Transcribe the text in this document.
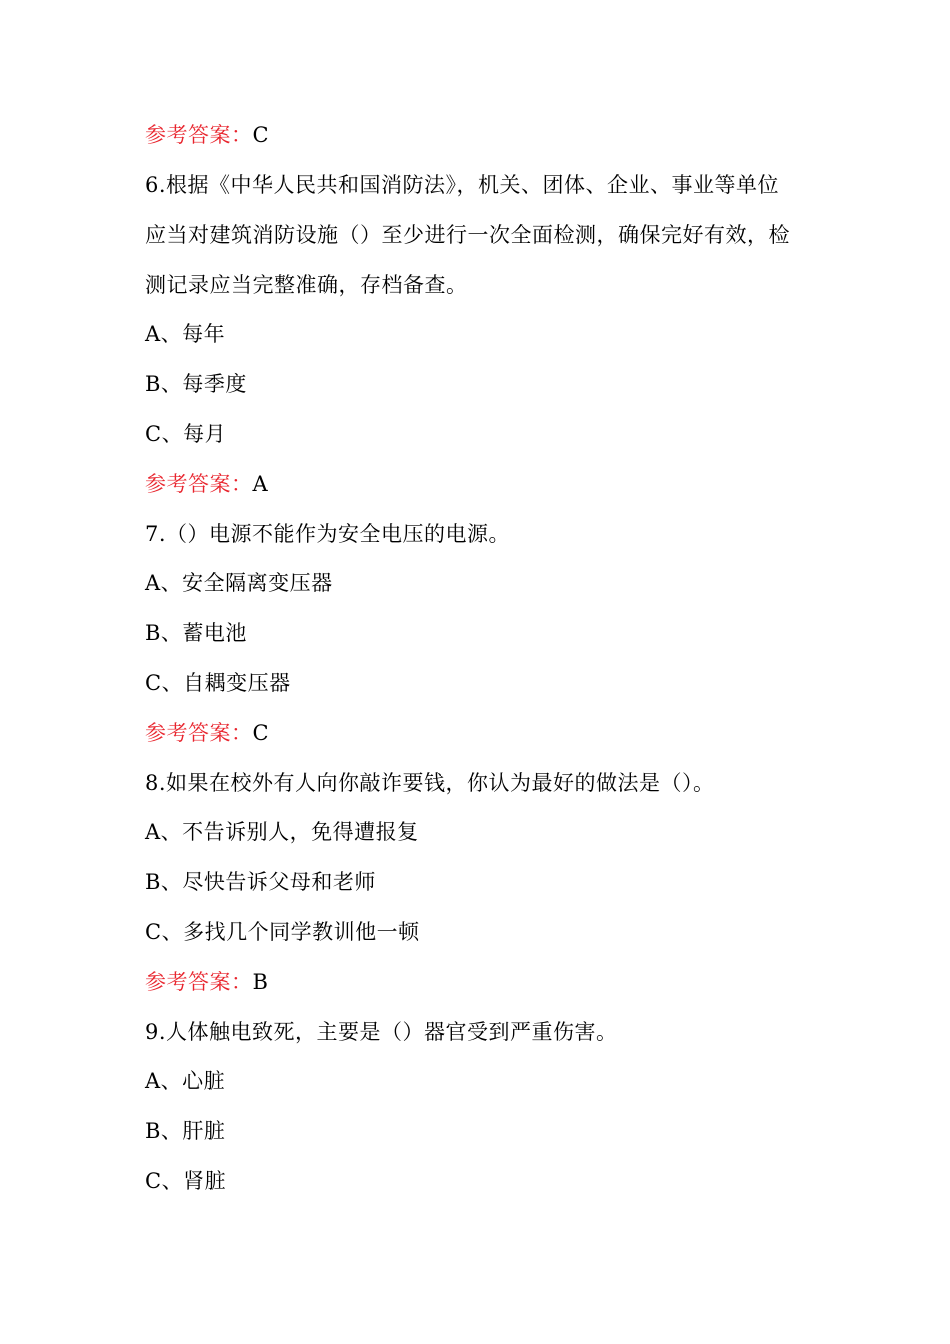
参考答案：C
6.根据《中华人民共和国消防法》，机关、团体、企业、事业等单位
应当对建筑消防设施（）至少进行一次全面检测，确保完好有效，检
测记录应当完整准确，存档备查。
A、每年
B、每季度
C、每月
参考答案：A
7.（）电源不能作为安全电压的电源。
A、安全隔离变压器
B、蓄电池
C、自耦变压器
参考答案：C
8.如果在校外有人向你敲诈要钱，你认为最好的做法是（）。
A、不告诉别人，免得遭报复
B、尽快告诉父母和老师
C、多找几个同学教训他一顿
参考答案：B
9.人体触电致死，主要是（）器官受到严重伤害。
A、心脏
B、肝脏
C、肾脏
